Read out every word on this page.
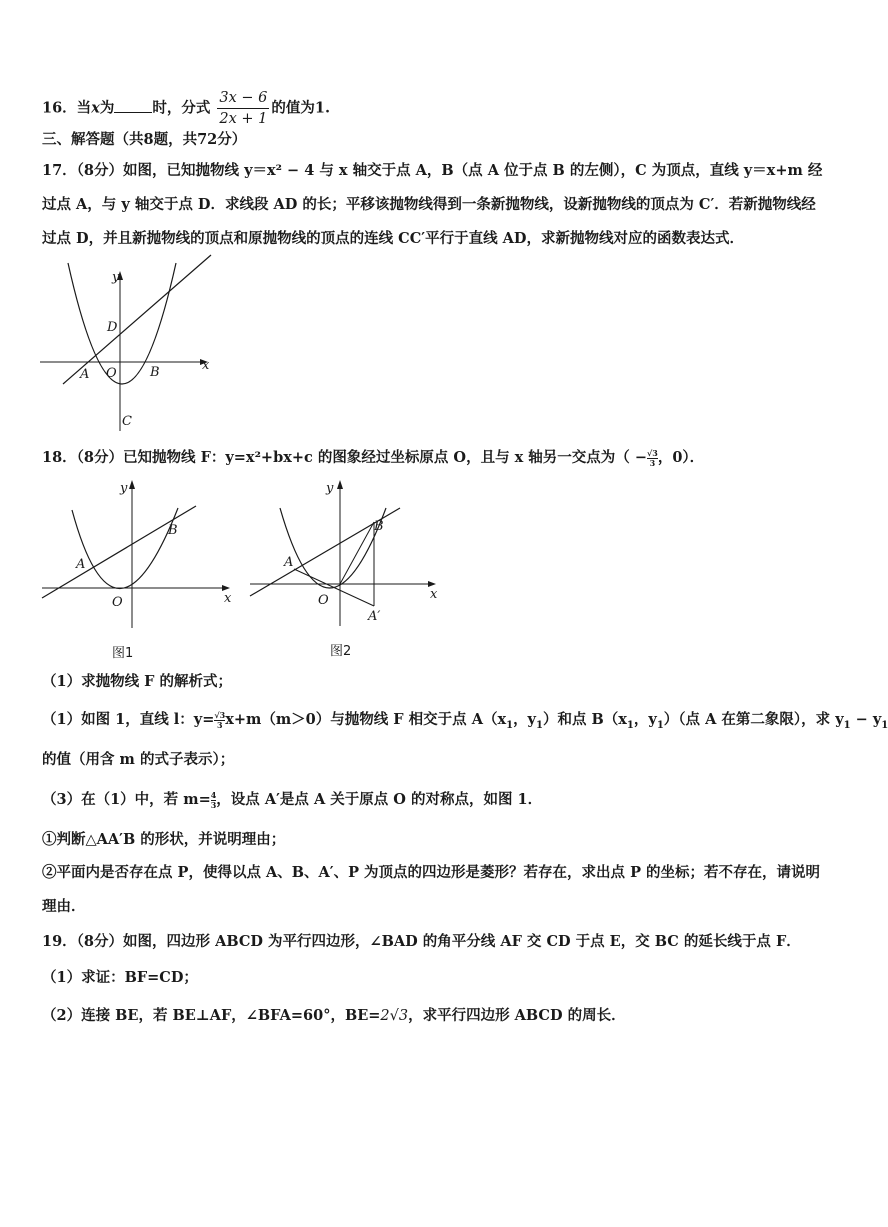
16．当x为	时，分式 $\frac{3x - 6}{2x + 1}$ 的值为1.
三、解答题（共8题，共72分）
17．（8分）如图，已知抛物线 y＝x² − 4 与 x 轴交于点 A，B（点 A 位于点 B 的左侧），C 为顶点，直线 y＝x+m 经过点 A，与 y 轴交于点 D．求线段 AD 的长；平移该抛物线得到一条新抛物线，设新抛物线的顶点为 C′．若新抛物线经过点 D，并且新抛物线的顶点和原抛物线的顶点的连线 CC′平行于直线 AD，求新抛物线对应的函数表达式．
y
x
D
A O	B
C
18．（8分）已知抛物线 F：y=x²+bx+c 的图象经过坐标原点 O，且与 x 轴另一交点为（ − $\frac{√3}{3}$ ，0）．
y
x
A
B
O
图1
y
x
A
B
O
A′
图2
（1）求抛物线 F 的解析式；
（1）如图 1，直线 l：$y= \frac{√3}{3} x+m(m>0)$与抛物线 F 相交于点 $A(x_1$，$y_1$）和点 $B(x_1$，$y_1$）（点 A 在第二象限），求 $y_1 - y_1$
的值（用含 m 的式子表示）；
（3）在（1）中，若 $m= \frac{4}{3}$ ，设点 A′是点 A 关于原点 O 的对称点，如图 1．
①判断△AA′B 的形状，并说明理由；
②平面内是否存在点 P，使得以点 A、B、A′、P 为顶点的四边形是菱形？若存在，求出点 P 的坐标；若不存在，请说明理由．
19．（8分）如图，四边形 ABCD 为平行四边形，∠BAD 的角平分线 AF 交 CD 于点 E，交 BC 的延长线于点 F．
（1）求证：BF=CD；
（2）连接 BE，若 BE⊥AF，∠BFA=60°，BE=2√3，求平行四边形 ABCD 的周长．
